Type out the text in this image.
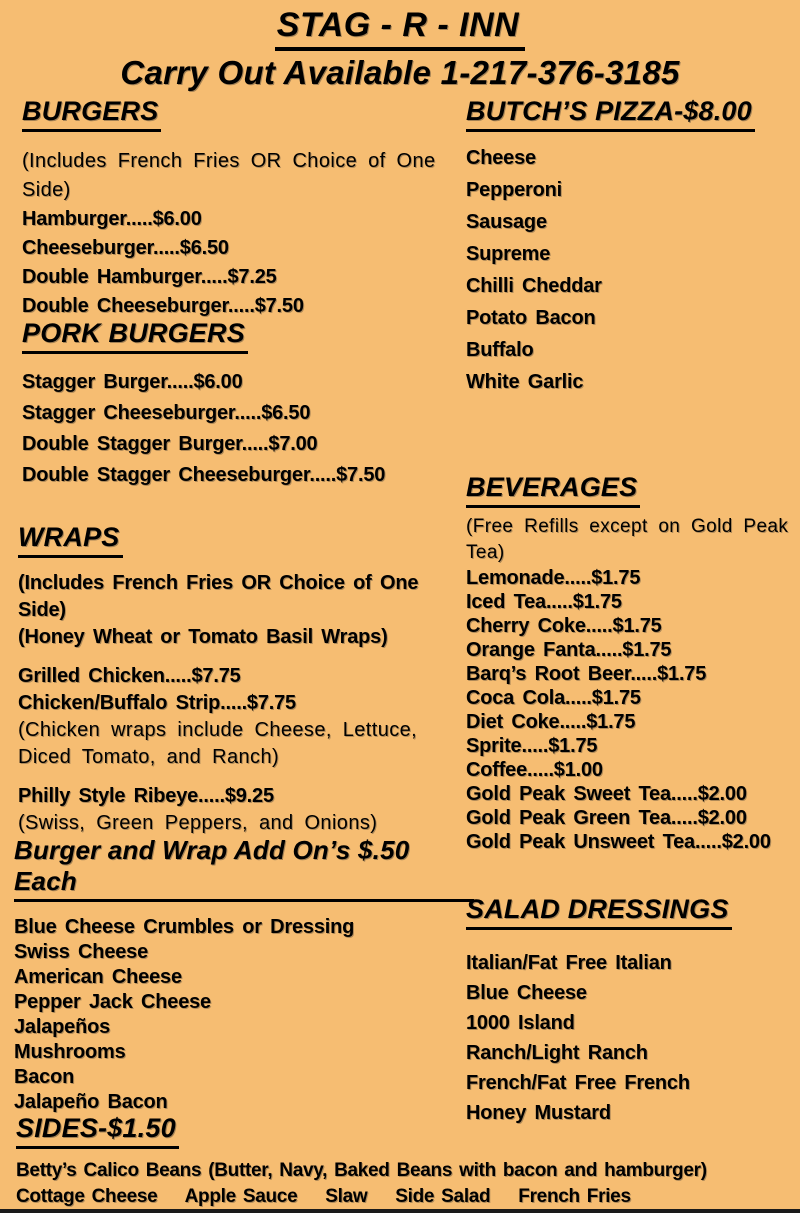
STAG - R - INN
Carry Out Available 1-217-376-3185
BURGERS
(Includes French Fries OR Choice of One Side)
Hamburger.....$6.00
Cheeseburger.....$6.50
Double Hamburger.....$7.25
Double Cheeseburger.....$7.50
PORK BURGERS
Stagger Burger.....$6.00
Stagger Cheeseburger.....$6.50
Double Stagger Burger.....$7.00
Double Stagger Cheeseburger.....$7.50
WRAPS
(Includes French Fries OR Choice of One Side)
(Honey Wheat or Tomato Basil Wraps)
Grilled Chicken.....$7.75
Chicken/Buffalo Strip.....$7.75
(Chicken wraps include Cheese, Lettuce, Diced Tomato, and Ranch)
Philly Style Ribeye.....$9.25
(Swiss, Green Peppers, and Onions)
Burger and Wrap Add On’s $.50 Each
Blue Cheese Crumbles or Dressing
Swiss Cheese
American Cheese
Pepper Jack Cheese
Jalapeños
Mushrooms
Bacon
Jalapeño Bacon
SIDES-$1.50
Betty’s Calico Beans (Butter, Navy, Baked Beans with bacon and hamburger)
Cottage Cheese    Apple Sauce    Slaw    Side Salad    French Fries
BUTCH’S PIZZA-$8.00
Cheese
Pepperoni
Sausage
Supreme
Chilli Cheddar
Potato Bacon
Buffalo
White Garlic
BEVERAGES
(Free Refills except on Gold Peak Tea)
Lemonade.....$1.75
Iced Tea.....$1.75
Cherry Coke.....$1.75
Orange Fanta.....$1.75
Barq’s Root Beer.....$1.75
Coca Cola.....$1.75
Diet Coke.....$1.75
Sprite.....$1.75
Coffee.....$1.00
Gold Peak Sweet Tea.....$2.00
Gold Peak Green Tea.....$2.00
Gold Peak Unsweet Tea.....$2.00
SALAD DRESSINGS
Italian/Fat Free Italian
Blue Cheese
1000 Island
Ranch/Light Ranch
French/Fat Free French
Honey Mustard
